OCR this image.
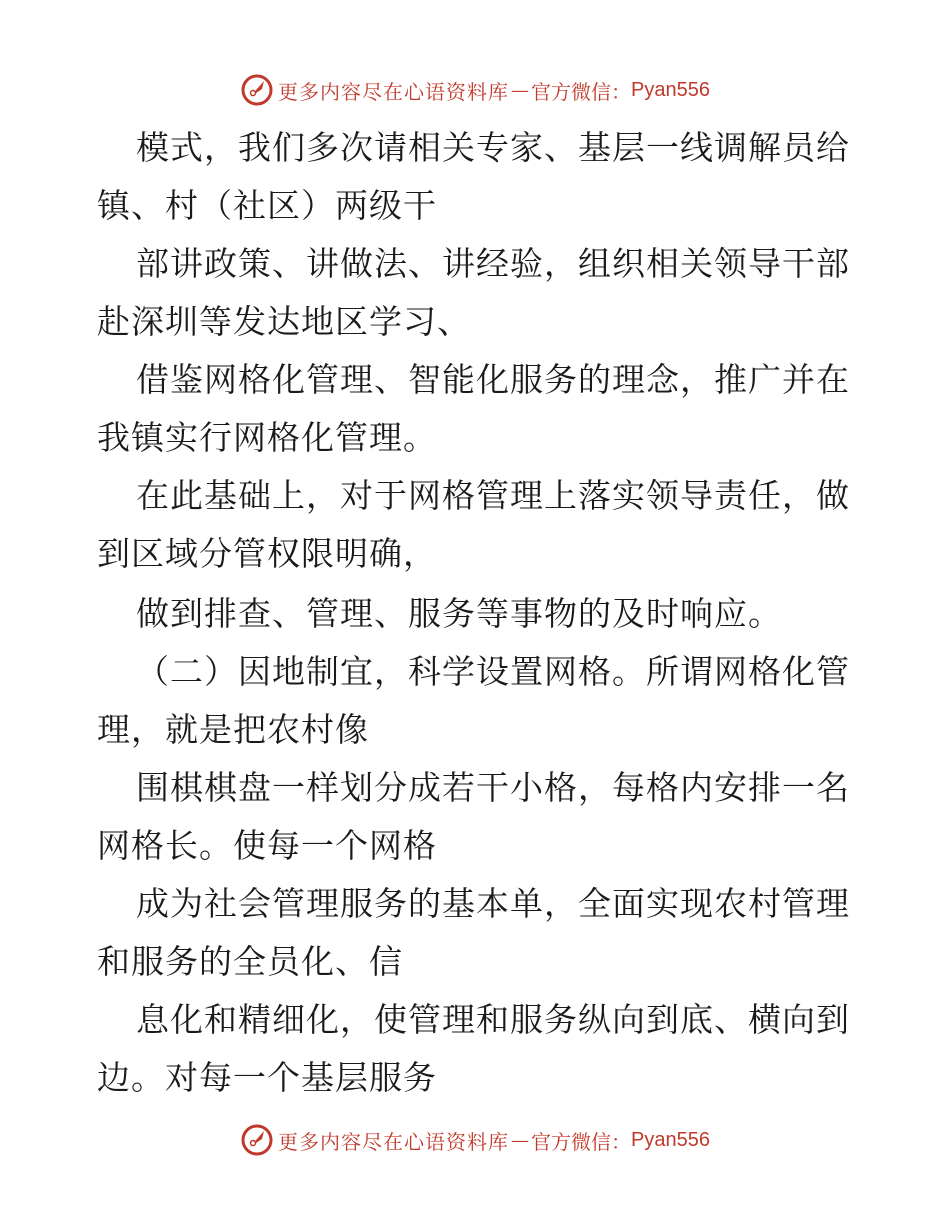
更多内容尽在心语资料库 — 官方微信： Pyan556
模式，我们多次请相关专家、基层一线调解员给
镇、村（社区）两级干
部讲政策、讲做法、讲经验，组织相关领导干部
赴深圳等发达地区学习、
借鉴网格化管理、智能化服务的理念，推广并在
我镇实行网格化管理。
在此基础上，对于网格管理上落实领导责任，做
到区域分管权限明确，
做到排查、管理、服务等事物的及时响应。
（二）因地制宜，科学设置网格。所谓网格化管
理，就是把农村像
围棋棋盘一样划分成若干小格，每格内安排一名
网格长。使每一个网格
成为社会管理服务的基本单，全面实现农村管理
和服务的全员化、信
息化和精细化，使管理和服务纵向到底、横向到
边。对每一个基层服务
更多内容尽在心语资料库 — 官方微信： Pyan556
